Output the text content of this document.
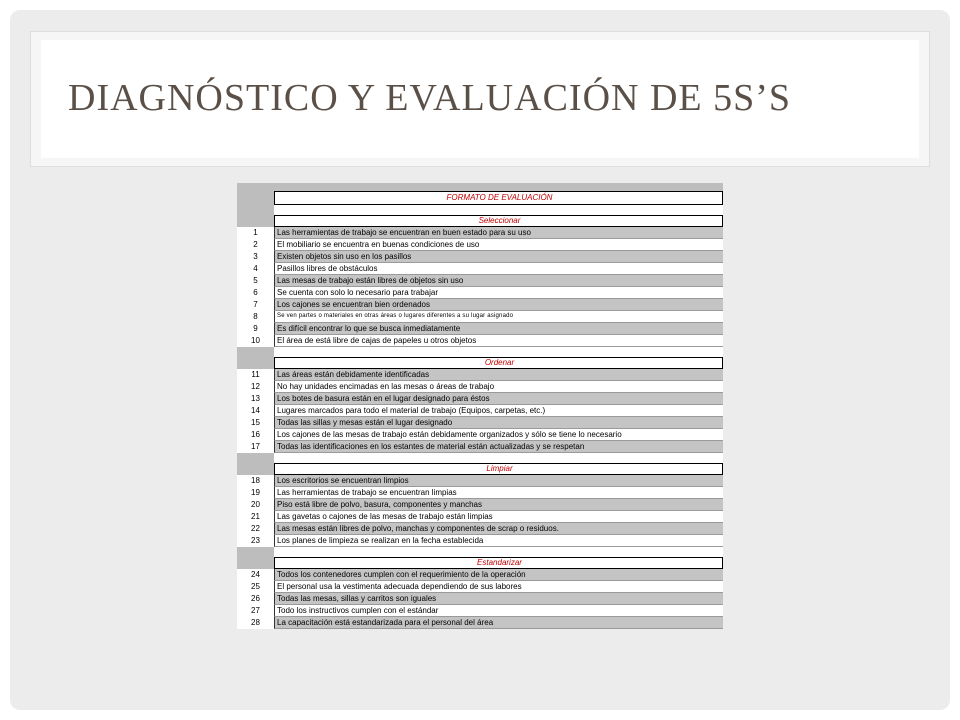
DIAGNÓSTICO Y EVALUACIÓN DE 5S’S
FORMATO DE EVALUACIÓN
Seleccionar
1	Las herramientas de trabajo se encuentran en buen estado para su uso
2	El mobiliario se encuentra en buenas condiciones de uso
3	Existen objetos sin uso en los pasillos
4	Pasillos libres de obstáculos
5	Las mesas de trabajo están libres de objetos sin uso
6	Se cuenta con solo lo necesario para trabajar
7	Los cajones se encuentran bien ordenados
8	Se ven partes o materiales en otras áreas o lugares diferentes a su lugar asignado
9	Es difícil encontrar lo que se busca inmediatamente
10	El área de está libre de cajas de papeles u otros objetos
Ordenar
11	Las áreas están debidamente identificadas
12	No hay unidades encimadas en las mesas o áreas de trabajo
13	Los botes de basura están en el lugar designado para éstos
14	Lugares marcados para todo el material de trabajo (Equipos, carpetas, etc.)
15	Todas las sillas y mesas están el lugar designado
16	Los cajones de las mesas de trabajo están debidamente organizados y sólo se tiene lo necesario
17	Todas las identificaciones en los estantes de material están actualizadas y se respetan
Limpiar
18	Los escritorios se encuentran limpios
19	Las herramientas de trabajo se encuentran limpias
20	Piso está libre de polvo, basura, componentes y manchas
21	Las gavetas o cajones de las mesas de trabajo están limpias
22	Las mesas están libres de polvo, manchas y componentes de scrap o residuos.
23	Los planes de limpieza se realizan en la fecha establecida
Estandarizar
24	Todos los contenedores cumplen con el requerimiento de la operación
25	El personal usa la vestimenta adecuada dependiendo de sus labores
26	Todas las mesas, sillas y carritos son iguales
27	Todo los instructivos cumplen con el estándar
28	La capacitación está estandarizada para el personal del área
